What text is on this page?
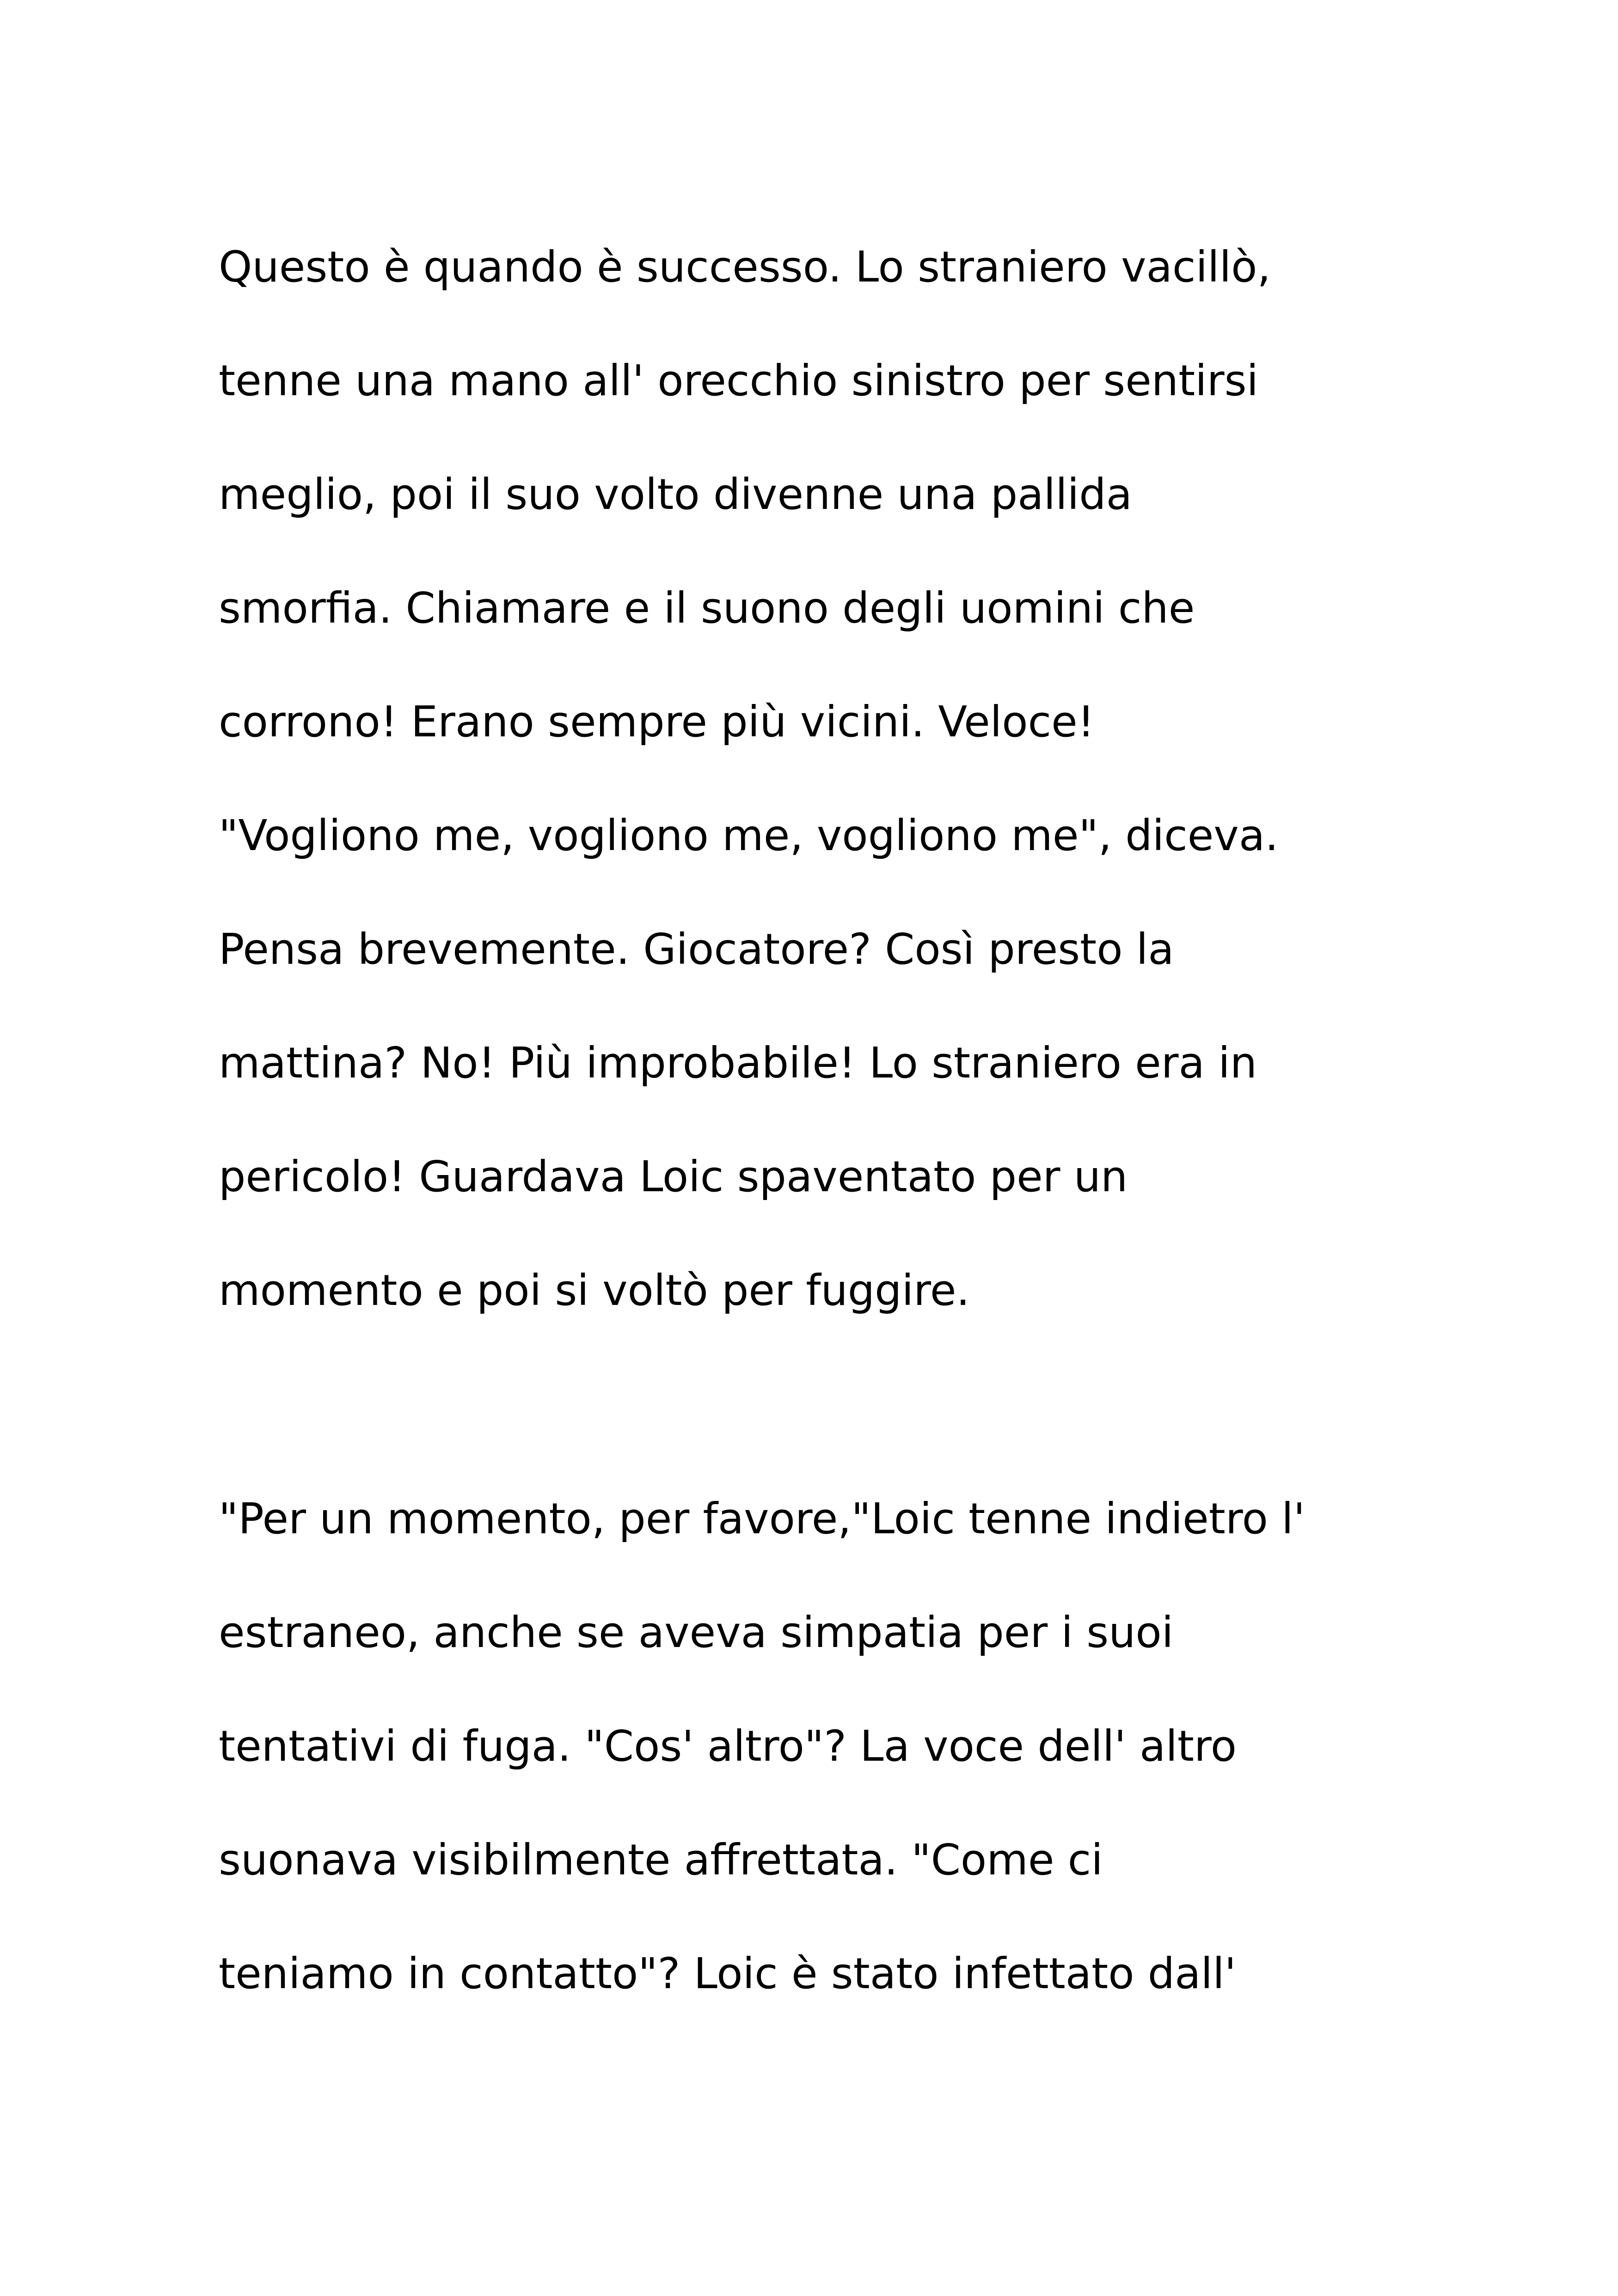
Questo è quando è successo. Lo straniero vacillò,
tenne una mano all' orecchio sinistro per sentirsi
meglio, poi il suo volto divenne una pallida
smorfia. Chiamare e il suono degli uomini che
corrono! Erano sempre più vicini. Veloce!
"Vogliono me, vogliono me, vogliono me", diceva.
Pensa brevemente. Giocatore? Così presto la
mattina? No! Più improbabile! Lo straniero era in
pericolo! Guardava Loic spaventato per un
momento e poi si voltò per fuggire.

"Per un momento, per favore,"Loic tenne indietro l'
estraneo, anche se aveva simpatia per i suoi
tentativi di fuga. "Cos' altro"? La voce dell' altro
suonava visibilmente affrettata. "Come ci
teniamo in contatto"? Loic è stato infettato dall'
